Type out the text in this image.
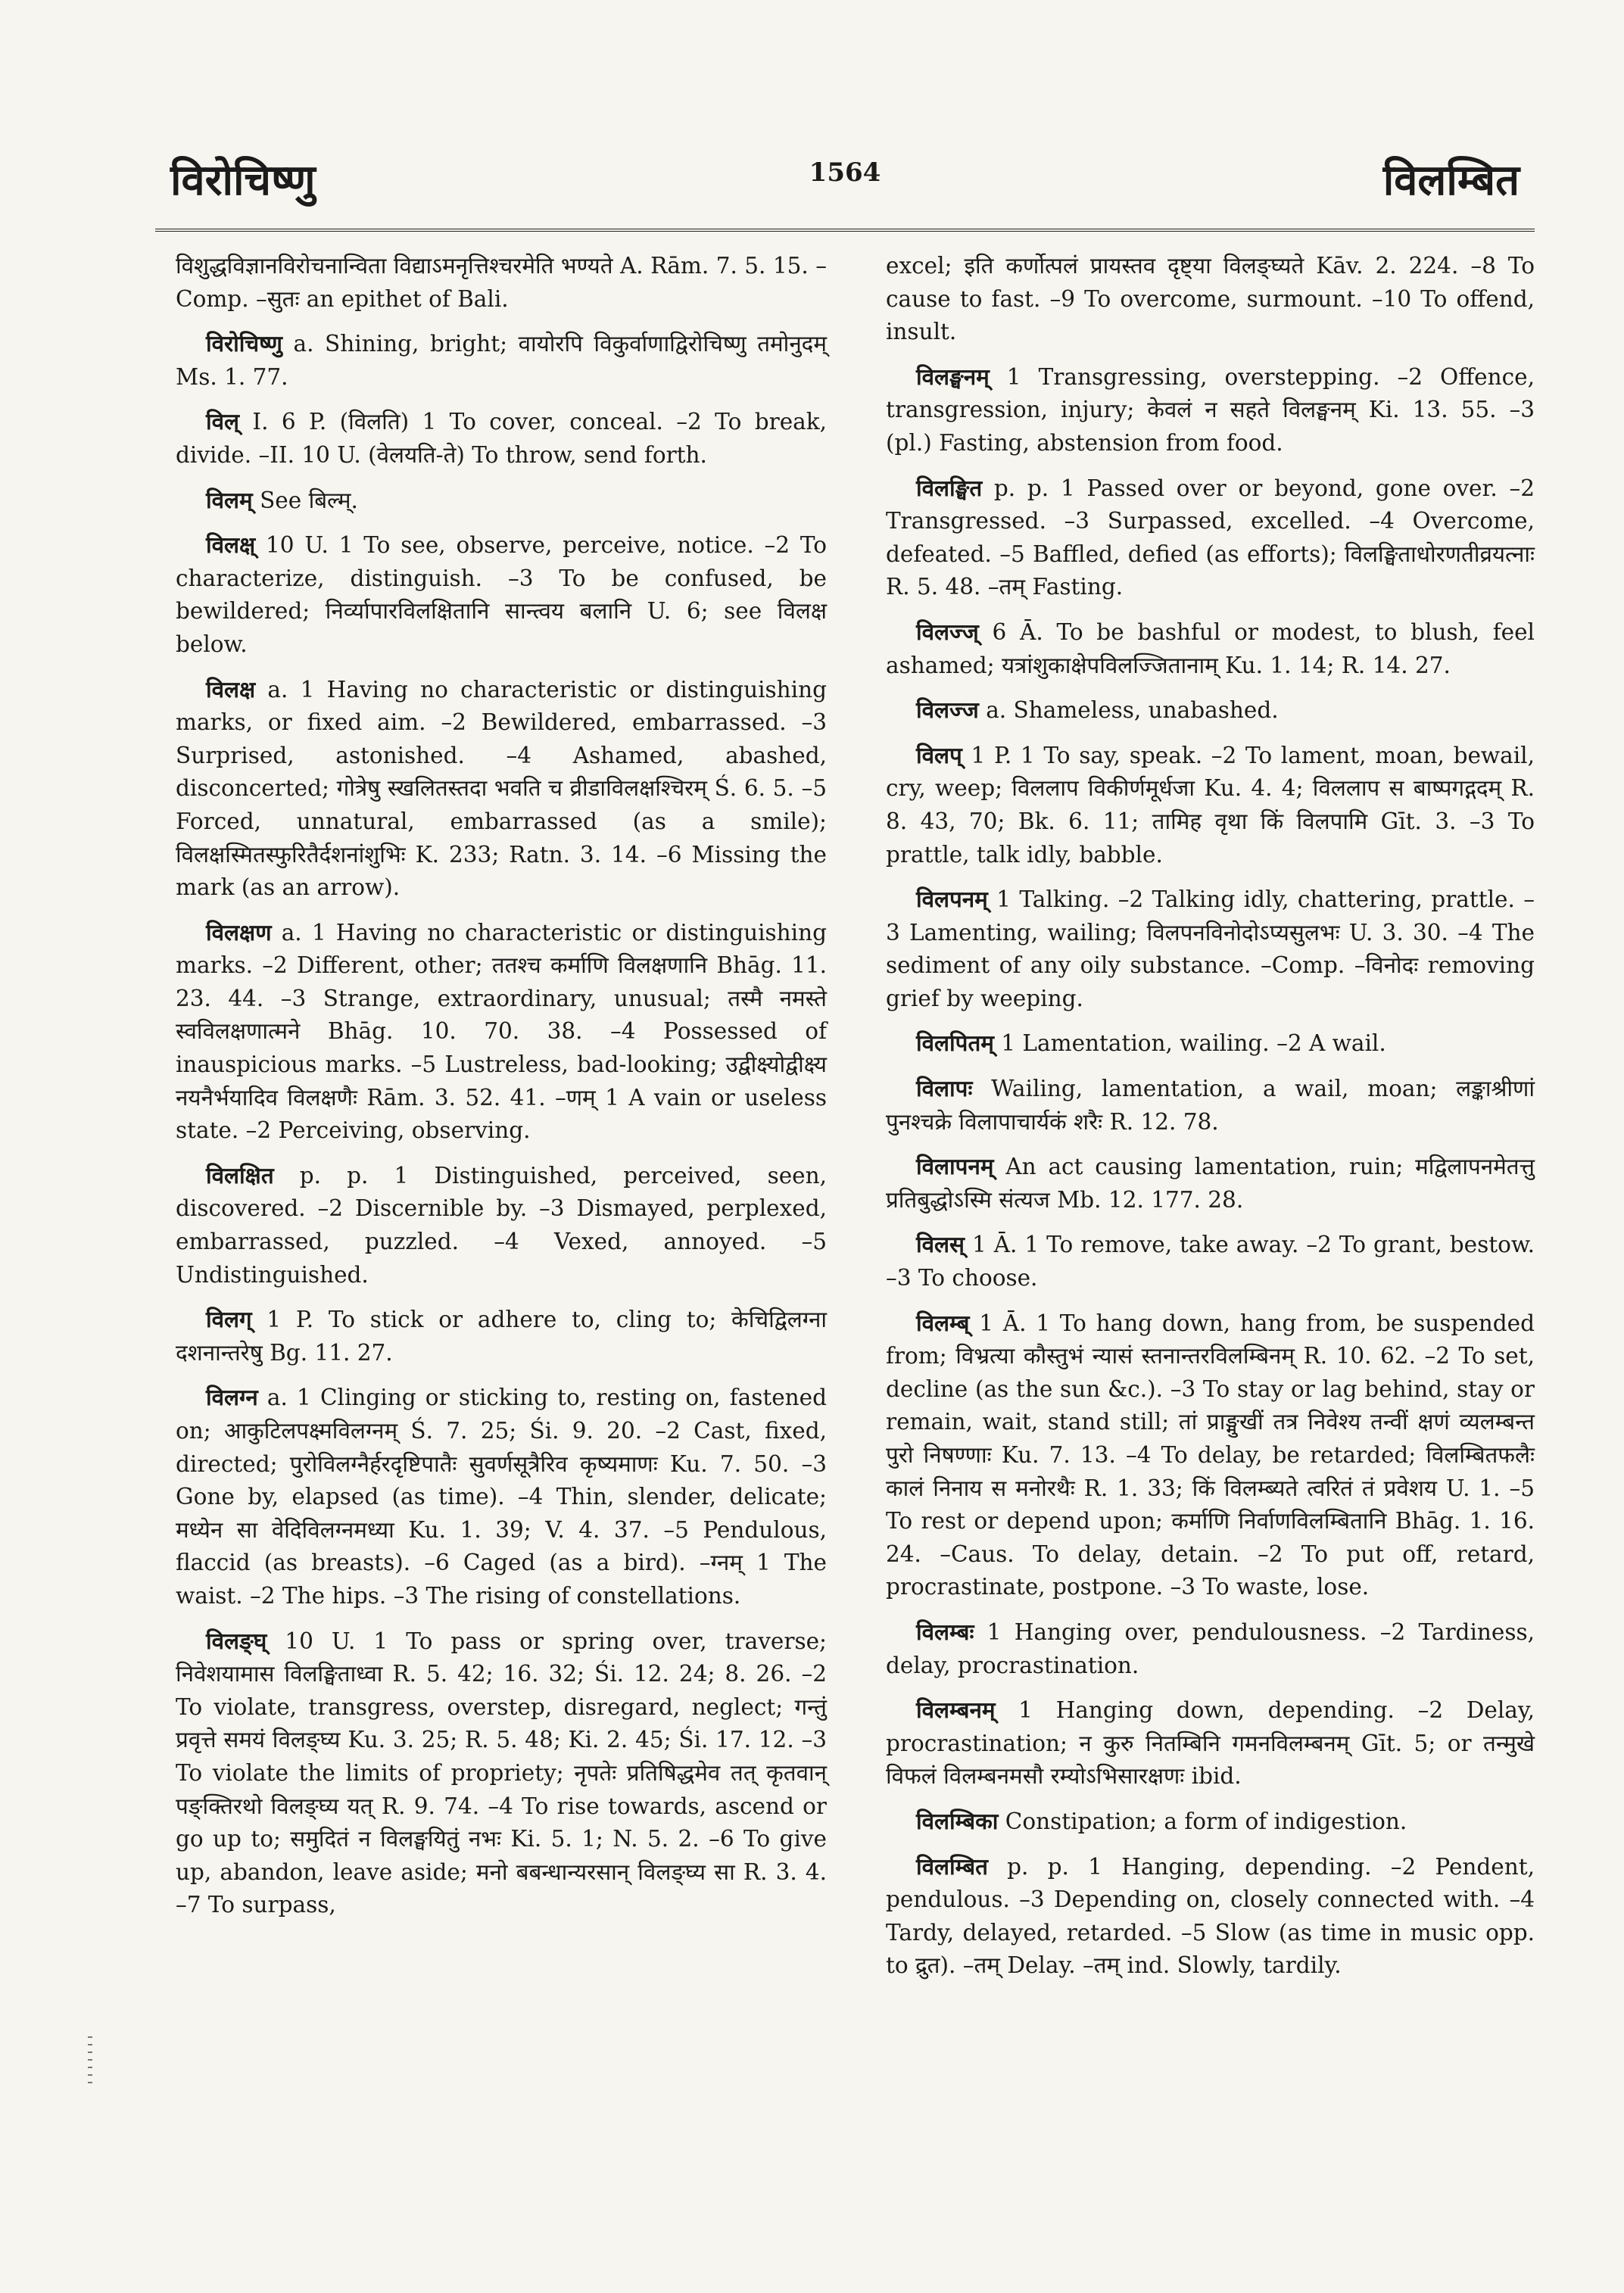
विरोचिष्णु	1564	विलम्बित

विशुद्धविज्ञानविरोचनान्विता विद्याऽमनृत्तिश्चरमेति भण्यते A. Rām. 7. 5. 15. –Comp. –सुतः an epithet of Bali.

विरोचिष्णु a. Shining, bright; वायोरपि विकुर्वाणाद्विरोचिष्णु तमोनुदम् Ms. 1. 77.

विल् I. 6 P. (विलति) 1 To cover, conceal. –2 To break, divide. –II. 10 U. (वेलयति-ते) To throw, send forth.

विलम् See बिल्म्.

विलक्ष् 10 U. 1 To see, observe, perceive, notice. –2 To characterize, distinguish. –3 To be confused, be bewildered; निर्व्यापारविलक्षितानि सान्त्वय बलानि U. 6; see विलक्ष below.

विलक्ष a. 1 Having no characteristic or distinguishing marks, or fixed aim. –2 Bewildered, embarrassed. –3 Surprised, astonished. –4 Ashamed, abashed, disconcerted; गोत्रेषु स्खलितस्तदा भवति च व्रीडाविलक्षश्चिरम् Ś. 6. 5. –5 Forced, unnatural, embarrassed (as a smile); विलक्षस्मितस्फुरितैर्दशनांशुभिः K. 233; Ratn. 3. 14. –6 Missing the mark (as an arrow).

विलक्षण a. 1 Having no characteristic or distinguishing marks. –2 Different, other; ततश्च कर्माणि विलक्षणानि Bhāg. 11. 23. 44. –3 Strange, extraordinary, unusual; तस्मै नमस्ते स्वविलक्षणात्मने Bhāg. 10. 70. 38. –4 Possessed of inauspicious marks. –5 Lustreless, bad-looking; उद्वीक्ष्योद्वीक्ष्य नयनैर्भयादिव विलक्षणैः Rām. 3. 52. 41. –णम् 1 A vain or useless state. –2 Perceiving, observing.

विलक्षित p. p. 1 Distinguished, perceived, seen, discovered. –2 Discernible by. –3 Dismayed, perplexed, embarrassed, puzzled. –4 Vexed, annoyed. –5 Undistinguished.

विलग् 1 P. To stick or adhere to, cling to; केचिद्विलग्ना दशनान्तरेषु Bg. 11. 27.

विलग्न a. 1 Clinging or sticking to, resting on, fastened on; आकुटिलपक्ष्मविलग्नम् Ś. 7. 25; Śi. 9. 20. –2 Cast, fixed, directed; पुरोविलग्नैर्हरदृष्टिपातैः सुवर्णसूत्रैरिव कृष्यमाणः Ku. 7. 50. –3 Gone by, elapsed (as time). –4 Thin, slender, delicate; मध्येन सा वेदिविलग्नमध्या Ku. 1. 39; V. 4. 37. –5 Pendulous, flaccid (as breasts). –6 Caged (as a bird). –ग्नम् 1 The waist. –2 The hips. –3 The rising of constellations.

विलङ्घ् 10 U. 1 To pass or spring over, traverse; निवेशयामास विलङ्घिताध्वा R. 5. 42; 16. 32; Śi. 12. 24; 8. 26. –2 To violate, transgress, overstep, disregard, neglect; गन्तुं प्रवृत्ते समयं विलङ्घ्य Ku. 3. 25; R. 5. 48; Ki. 2. 45; Śi. 17. 12. –3 To violate the limits of propriety; नृपतेः प्रतिषिद्धमेव तत् कृतवान् पङ्क्तिरथो विलङ्घ्य यत् R. 9. 74. –4 To rise towards, ascend or go up to; समुदितं न विलङ्घयितुं नभः Ki. 5. 1; N. 5. 2. –6 To give up, abandon, leave aside; मनो बबन्धान्यरसान् विलङ्घ्य सा R. 3. 4. –7 To surpass,

excel; इति कर्णोत्पलं प्रायस्तव दृष्ट्या विलङ्घ्यते Kāv. 2. 224. –8 To cause to fast. –9 To overcome, surmount. –10 To offend, insult.

विलङ्घनम् 1 Transgressing, overstepping. –2 Offence, transgression, injury; केवलं न सहते विलङ्घनम् Ki. 13. 55. –3 (pl.) Fasting, abstension from food.

विलङ्घित p. p. 1 Passed over or beyond, gone over. –2 Transgressed. –3 Surpassed, excelled. –4 Overcome, defeated. –5 Baffled, defied (as efforts); विलङ्घिताधोरणतीव्रयत्नाः R. 5. 48. –तम् Fasting.

विलज्ज् 6 Ā. To be bashful or modest, to blush, feel ashamed; यत्रांशुकाक्षेपविलज्जितानाम् Ku. 1. 14; R. 14. 27.

विलज्ज a. Shameless, unabashed.

विलप् 1 P. 1 To say, speak. –2 To lament, moan, bewail, cry, weep; विललाप विकीर्णमूर्धजा Ku. 4. 4; विललाप स बाष्पगद्गदम् R. 8. 43, 70; Bk. 6. 11; तामिह वृथा किं विलपामि Gīt. 3. –3 To prattle, talk idly, babble.

विलपनम् 1 Talking. –2 Talking idly, chattering, prattle. –3 Lamenting, wailing; विलपनविनोदोऽप्यसुलभः U. 3. 30. –4 The sediment of any oily substance. –Comp. –विनोदः removing grief by weeping.

विलपितम् 1 Lamentation, wailing. –2 A wail.

विलापः Wailing, lamentation, a wail, moan; लङ्काश्रीणां पुनश्चक्रे विलापाचार्यकं शरैः R. 12. 78.

विलापनम् An act causing lamentation, ruin; मद्विलापनमेतत्तु प्रतिबुद्धोऽस्मि संत्यज Mb. 12. 177. 28.

विलस् 1 Ā. 1 To remove, take away. –2 To grant, bestow. –3 To choose.

विलम्ब् 1 Ā. 1 To hang down, hang from, be suspended from; विभ्रत्या कौस्तुभं न्यासं स्तनान्तरविलम्बिनम् R. 10. 62. –2 To set, decline (as the sun &c.). –3 To stay or lag behind, stay or remain, wait, stand still; तां प्राङ्मुखीं तत्र निवेश्य तन्वीं क्षणं व्यलम्बन्त पुरो निषण्णाः Ku. 7. 13. –4 To delay, be retarded; विलम्बितफलैः कालं निनाय स मनोरथैः R. 1. 33; किं विलम्ब्यते त्वरितं तं प्रवेशय U. 1. –5 To rest or depend upon; कर्माणि निर्वाणविलम्बितानि Bhāg. 1. 16. 24. –Caus. To delay, detain. –2 To put off, retard, procrastinate, postpone. –3 To waste, lose.

विलम्बः 1 Hanging over, pendulousness. –2 Tardiness, delay, procrastination.

विलम्बनम् 1 Hanging down, depending. –2 Delay, procrastination; न कुरु नितम्बिनि गमनविलम्बनम् Gīt. 5; or तन्मुखे विफलं विलम्बनमसौ रम्योऽभिसारक्षणः ibid.

विलम्बिका Constipation; a form of indigestion.

विलम्बित p. p. 1 Hanging, depending. –2 Pendent, pendulous. –3 Depending on, closely connected with. –4 Tardy, delayed, retarded. –5 Slow (as time in music opp. to द्रुत). –तम् Delay. –तम् ind. Slowly, tardily.
